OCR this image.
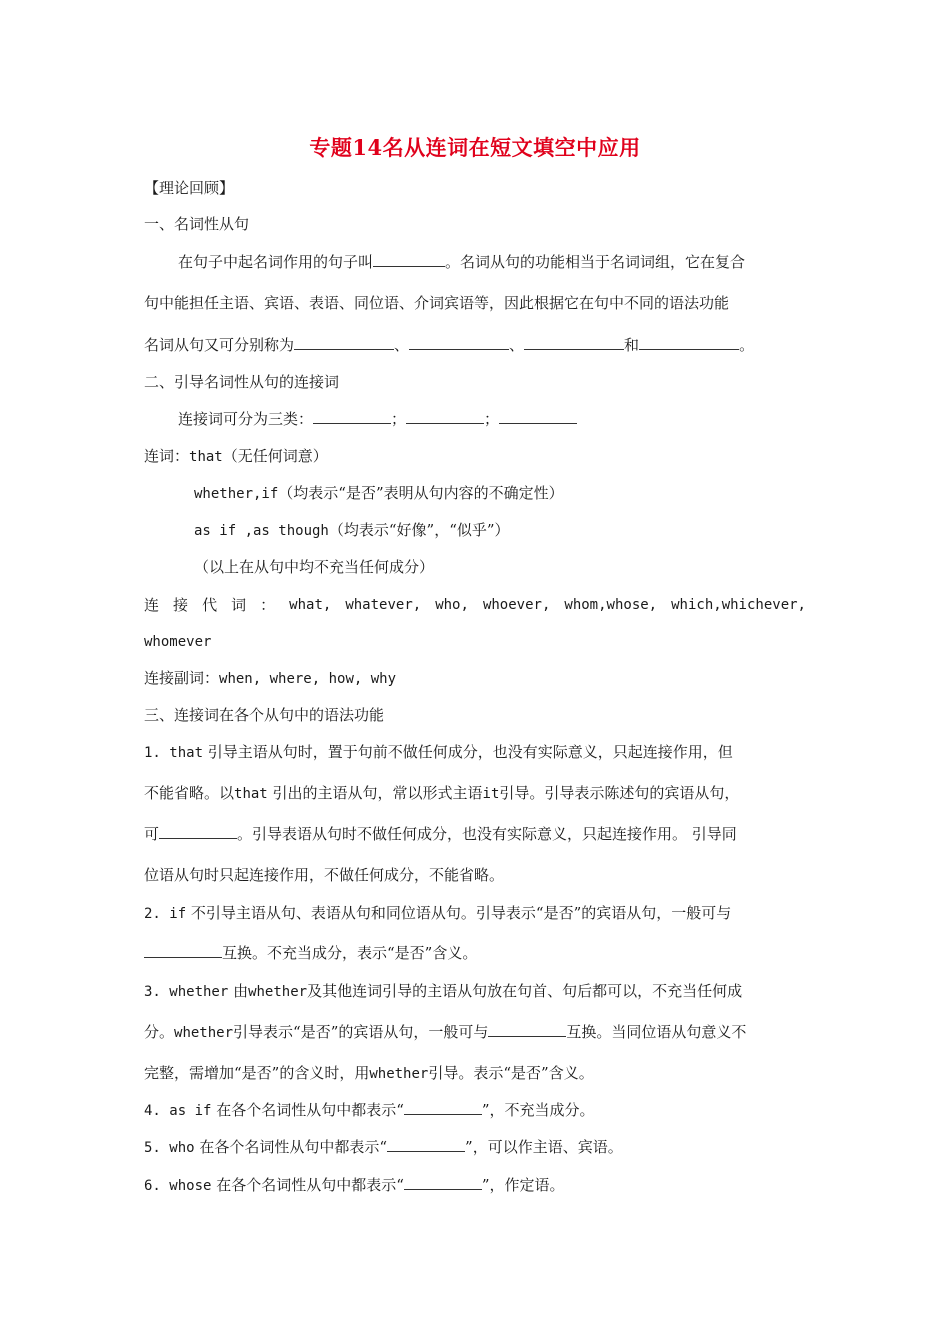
专题14名从连词在短文填空中应用
【理论回顾】
一、名词性从句
在句子中起名词作用的句子叫	。名词从句的功能相当于名词词组，它在复合
句中能担任主语、宾语、表语、同位语、介词宾语等，因此根据它在句中不同的语法功能
名词从句又可分别称为	、	、	和	。
二、引导名词性从句的连接词
连接词可分为三类：	；	；
连词：that（无任何词意）
whether,if（均表示“是否”表明从句内容的不确定性）
as if ,as though（均表示“好像”，“似乎”）
（以上在从句中均不充当任何成分）
连 接 代 词 ： what, whatever, who, whoever, whom,whose, which,whichever,
whomever
连接副词：when, where, how, why
三、连接词在各个从句中的语法功能
1. that 引导主语从句时，置于句前不做任何成分，也没有实际意义，只起连接作用，但
不能省略。以that 引出的主语从句，常以形式主语it引导。引导表示陈述句的宾语从句，
可	。引导表语从句时不做任何成分，也没有实际意义，只起连接作用。 引导同
位语从句时只起连接作用，不做任何成分，不能省略。
2. if 不引导主语从句、表语从句和同位语从句。引导表示“是否”的宾语从句，一般可与
互换。不充当成分，表示“是否”含义。
3. whether 由whether及其他连词引导的主语从句放在句首、句后都可以，不充当任何成
分。whether引导表示“是否”的宾语从句，一般可与	互换。当同位语从句意义不
完整，需增加“是否”的含义时，用whether引导。表示“是否”含义。
4. as if 在各个名词性从句中都表示“	”，不充当成分。
5. who 在各个名词性从句中都表示“	”，可以作主语、宾语。
6. whose 在各个名词性从句中都表示“	”，作定语。
